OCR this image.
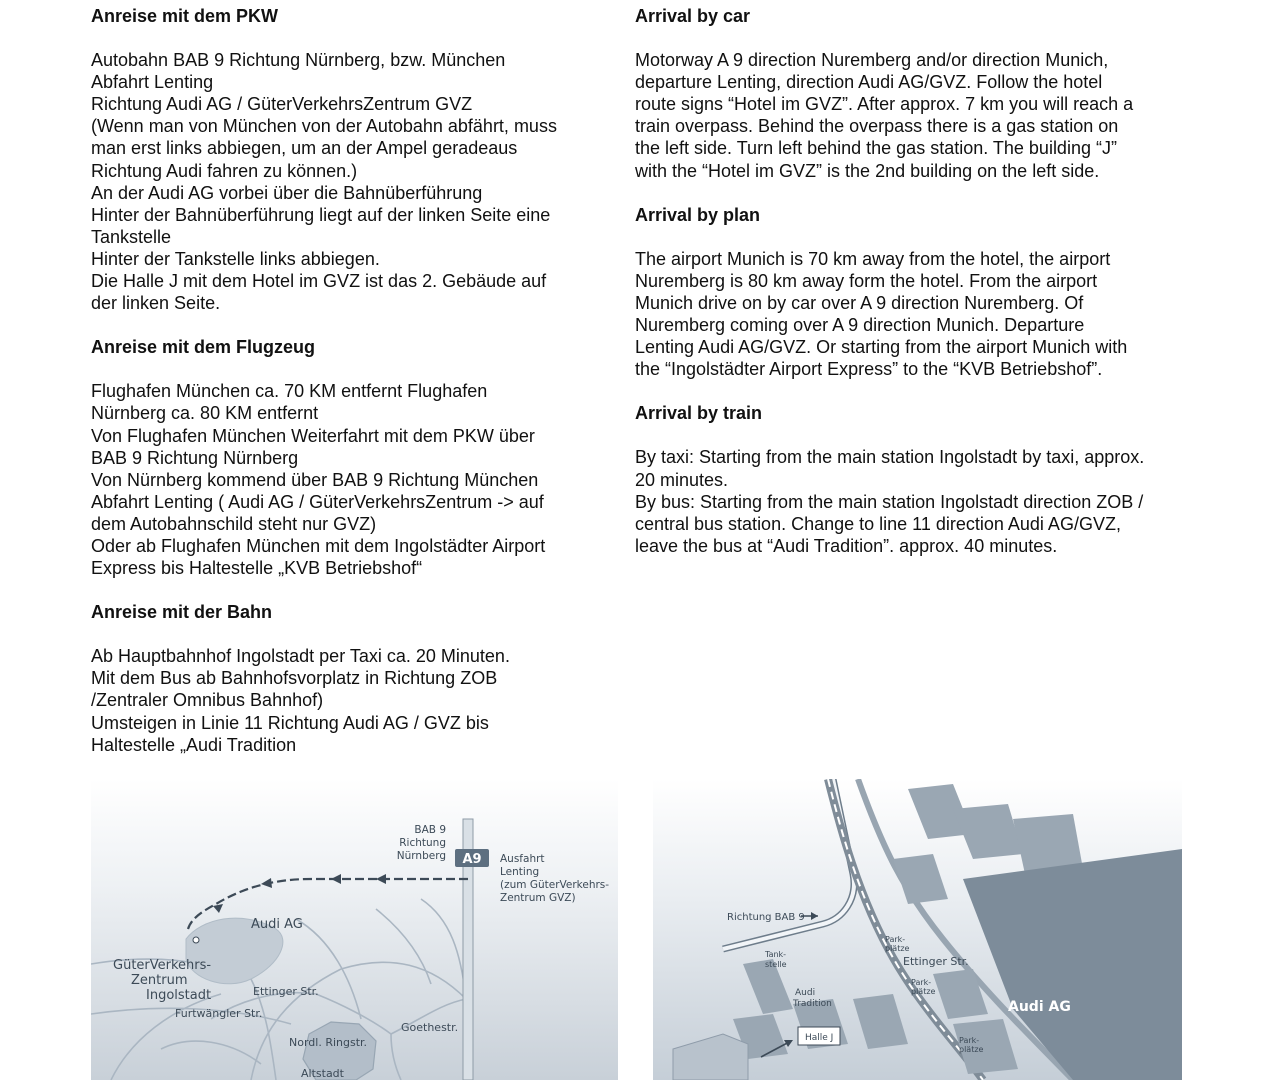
Anreise mit dem PKW
Autobahn BAB 9 Richtung Nürnberg, bzw. München
Abfahrt Lenting
Richtung Audi AG / GüterVerkehrsZentrum GVZ
(Wenn man von München von der Autobahn abfährt, muss
man erst links abbiegen, um an der Ampel geradeaus
Richtung Audi fahren zu können.)
An der Audi AG vorbei über die Bahnüberführung
Hinter der Bahnüberführung liegt auf der linken Seite eine
Tankstelle
Hinter der Tankstelle links abbiegen.
Die Halle J mit dem Hotel im GVZ ist das 2. Gebäude auf
der linken Seite.
Anreise mit dem Flugzeug
Flughafen München ca. 70 KM entfernt Flughafen
Nürnberg ca. 80 KM entfernt
Von Flughafen München Weiterfahrt mit dem PKW über
BAB 9 Richtung Nürnberg
Von Nürnberg kommend über BAB 9 Richtung München
Abfahrt Lenting ( Audi AG / GüterVerkehrsZentrum -> auf
dem Autobahnschild steht nur GVZ)
Oder ab Flughafen München mit dem Ingolstädter Airport
Express bis Haltestelle „KVB Betriebshof“
Anreise mit der Bahn
Ab Hauptbahnhof Ingolstadt per Taxi ca. 20 Minuten.
Mit dem Bus ab Bahnhofsvorplatz in Richtung ZOB
/Zentraler Omnibus Bahnhof)
Umsteigen in Linie 11 Richtung Audi AG / GVZ bis
Haltestelle „Audi Tradition
Arrival by car
Motorway A 9 direction Nuremberg and/or direction Munich,
departure Lenting, direction Audi AG/GVZ. Follow the hotel
route signs “Hotel im GVZ”. After approx. 7 km you will reach a
train overpass. Behind the overpass there is a gas station on
the left side. Turn left behind the gas station. The building “J”
with the “Hotel im GVZ” is the 2nd building on the left side.
Arrival by plan
The airport Munich is 70 km away from the hotel, the airport
Nuremberg is 80 km away form the hotel. From the airport
Munich drive on by car over A 9 direction Nuremberg. Of
Nuremberg coming over A 9 direction Munich. Departure
Lenting Audi AG/GVZ. Or starting from the airport Munich with
the “Ingolstädter Airport Express” to the “KVB Betriebshof”.
Arrival by train
By taxi: Starting from the main station Ingolstadt by taxi, approx.
20 minutes.
By bus: Starting from the main station Ingolstadt direction ZOB /
central bus station. Change to line 11 direction Audi AG/GVZ,
leave the bus at “Audi Tradition”. approx. 40 minutes.
A9
BAB 9
Richtung
Nürnberg	Ausfahrt
Lenting
(zum GüterVerkehrs-
Zentrum GVZ)
Audi AG
GüterVerkehrs-
Zentrum
Ingolstadt	Ettinger Str.
Furtwängler Str.
Goethestr.
Nordl. Ringstr.
Altstadt
Richtung BAB 9
Tank-
stelle
Audi
Tradition
Halle J
Park-
plätze
Park-
plätze
Park-
plätze
Ettinger Str.
Audi AG
